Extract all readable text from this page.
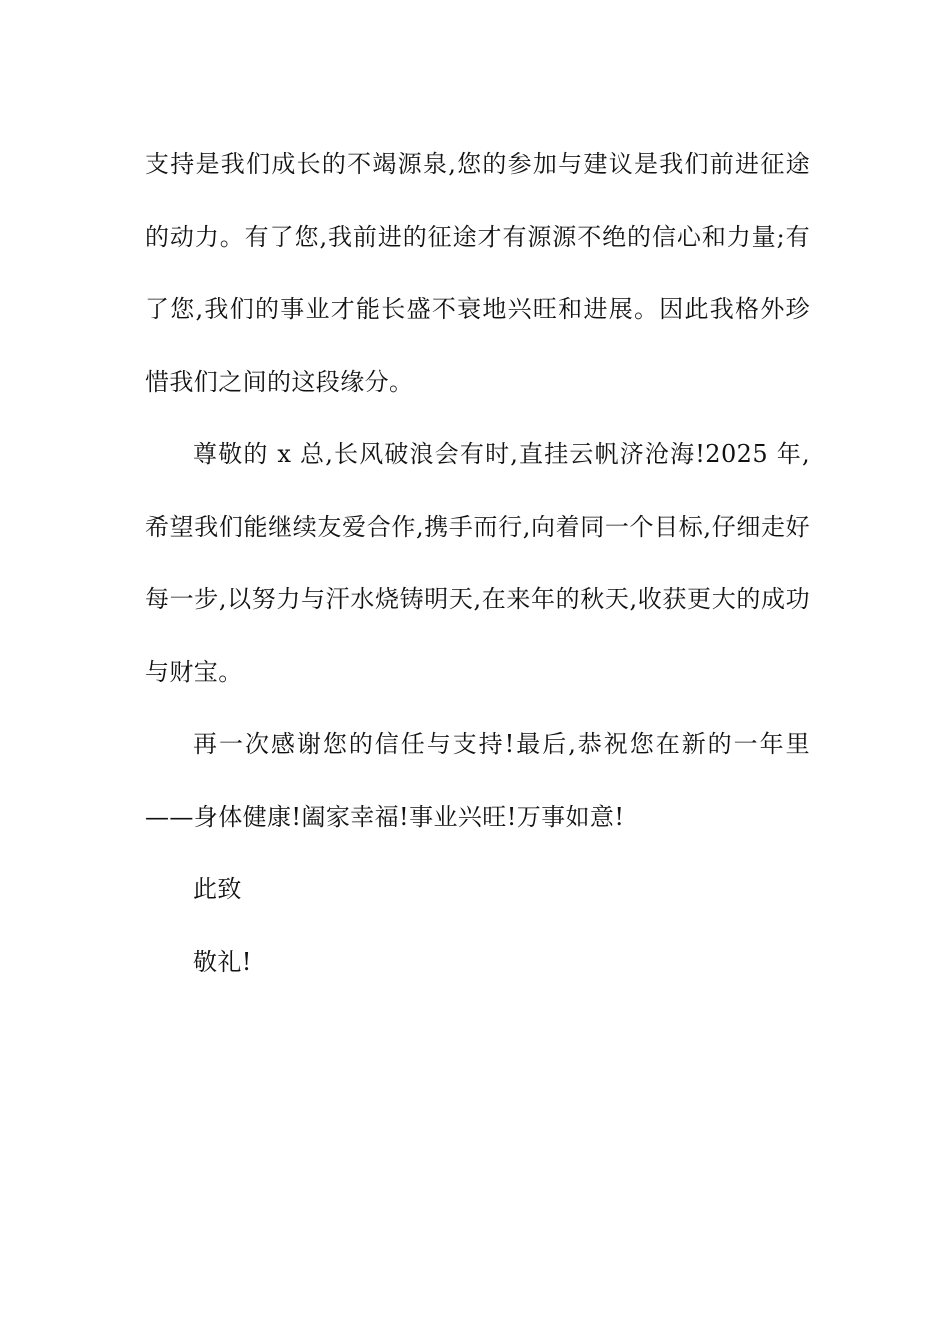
支持是我们成长的不竭源泉,您的参加与建议是我们前进征途的动力。有了您,我前进的征途才有源源不绝的信心和力量;有了您,我们的事业才能长盛不衰地兴旺和进展。因此我格外珍惜我们之间的这段缘分。

尊敬的 x 总,长风破浪会有时,直挂云帆济沧海!2025 年,希望我们能继续友爱合作,携手而行,向着同一个目标,仔细走好每一步,以努力与汗水烧铸明天,在来年的秋天,收获更大的成功与财宝。

再一次感谢您的信任与支持!最后,恭祝您在新的一年里——身体健康!阖家幸福!事业兴旺!万事如意!

此致

敬礼!
